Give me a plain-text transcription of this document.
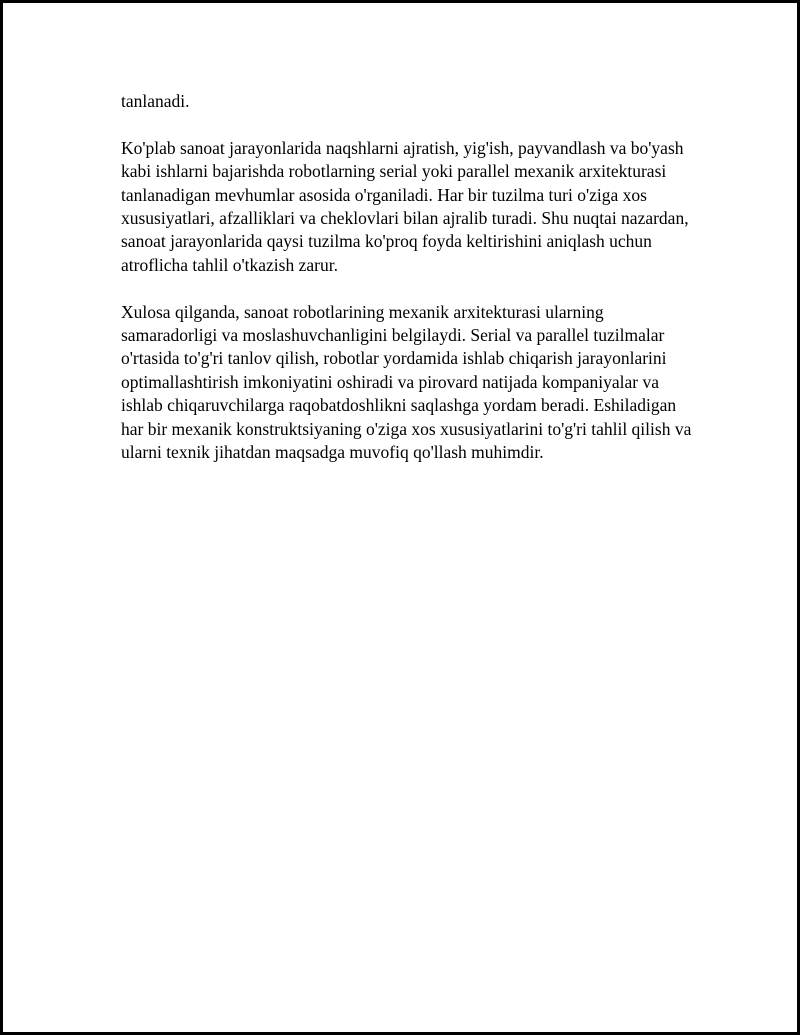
tanlanadi.

Ko'plab sanoat jarayonlarida naqshlarni ajratish, yig'ish, payvandlash va bo'yash kabi ishlarni bajarishda robotlarning serial yoki parallel mexanik arxitekturasi tanlanadigan mevhumlar asosida o'rganiladi. Har bir tuzilma turi o'ziga xos xususiyatlari, afzalliklari va cheklovlari bilan ajralib turadi. Shu nuqtai nazardan, sanoat jarayonlarida qaysi tuzilma ko'proq foyda keltirishini aniqlash uchun atroflicha tahlil o'tkazish zarur.

Xulosa qilganda, sanoat robotlarining mexanik arxitekturasi ularning samaradorligi va moslashuvchanligini belgilaydi. Serial va parallel tuzilmalar o'rtasida to'g'ri tanlov qilish, robotlar yordamida ishlab chiqarish jarayonlarini optimallashtirish imkoniyatini oshiradi va pirovard natijada kompaniyalar va ishlab chiqaruvchilarga raqobatdoshlikni saqlashga yordam beradi. Eshiladigan har bir mexanik konstruktsiyaning o'ziga xos xususiyatlarini to'g'ri tahlil qilish va ularni texnik jihatdan maqsadga muvofiq qo'llash muhimdir.
